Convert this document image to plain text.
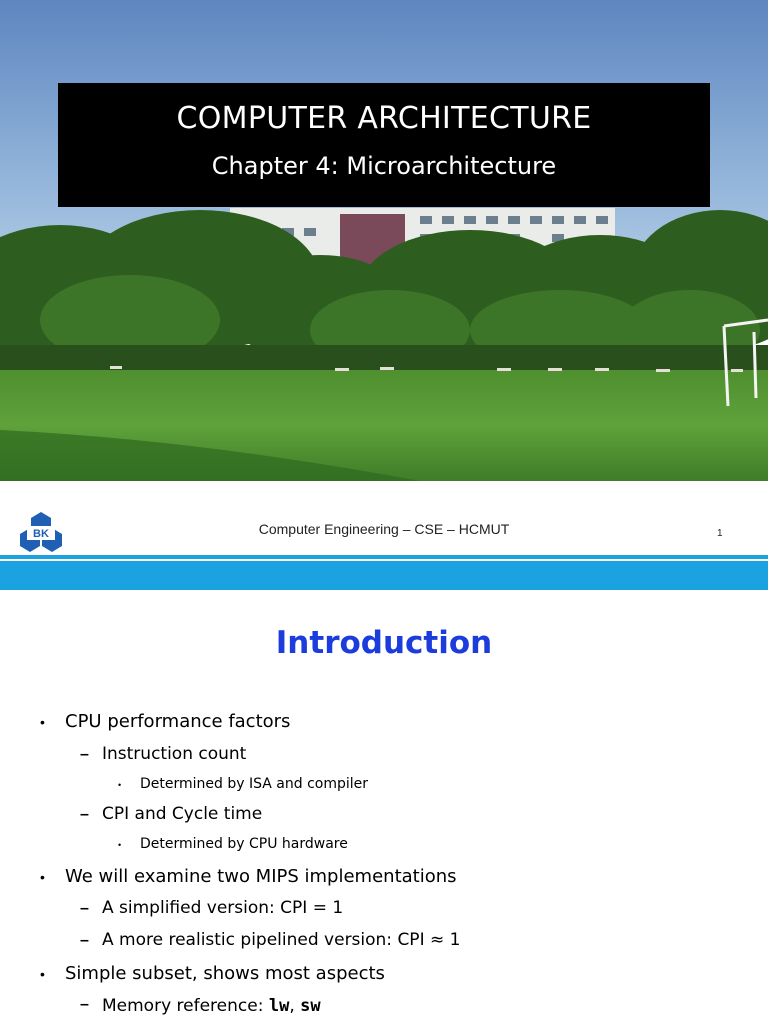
COMPUTER ARCHITECTURE
Chapter 4: Microarchitecture
BK	Computer Engineering – CSE – HCMUT	1
Introduction
• CPU performance factors
– Instruction count
• Determined by ISA and compiler
– CPI and Cycle time
• Determined by CPU hardware
• We will examine two MIPS implementations
– A simplified version: CPI = 1
– A more realistic pipelined version: CPI ≈ 1
• Simple subset, shows most aspects
– Memory reference: lw, sw
